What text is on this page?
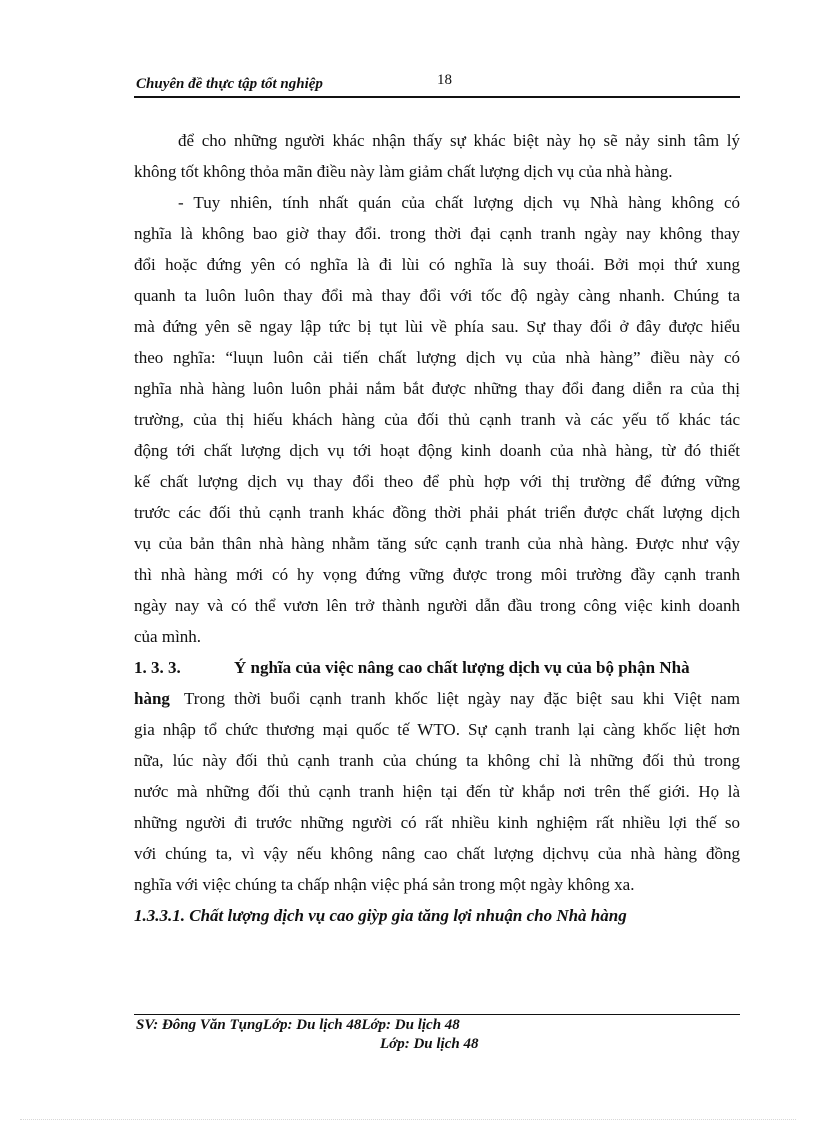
Chuyên đề thực tập tốt nghiệp	18
để cho những người khác nhận thấy sự khác biệt này họ sẽ nảy sinh tâm lý
không tốt không thỏa mãn điều này làm giảm chất lượng dịch vụ của nhà hàng.
- Tuy nhiên, tính nhất quán của chất lượng dịch vụ Nhà hàng không có
nghĩa là không bao giờ thay đổi. trong thời đại cạnh tranh ngày nay không thay
đổi hoặc đứng yên có nghĩa là đi lùi có nghĩa là suy thoái. Bởi mọi thứ xung
quanh ta luôn luôn thay đổi mà thay đổi với tốc độ ngày càng nhanh. Chúng ta
mà đứng yên sẽ ngay lập tức bị tụt lùi về phía sau. Sự thay đổi ở đây được hiểu
theo nghĩa: “luụn luôn cải tiến chất lượng dịch vụ của nhà hàng” điều này có
nghĩa nhà hàng luôn luôn phải nắm bắt được những thay đổi đang diễn ra của thị
trường, của thị hiếu khách hàng của đối thủ cạnh tranh và các yếu tố khác tác
động tới chất lượng dịch vụ tới hoạt động kinh doanh của nhà hàng, từ đó thiết
kế chất lượng dịch vụ thay đổi theo để phù hợp với thị trường để đứng vững
trước các đối thủ cạnh tranh khác đồng thời phải phát triển được chất lượng dịch
vụ của bản thân nhà hàng nhằm tăng sức cạnh tranh của nhà hàng. Được như vậy
thì nhà hàng mới có hy vọng đứng vững được trong môi trường đầy cạnh tranh
ngày nay và có thể vươn lên trở thành người dẫn đầu trong công việc kinh doanh
của mình.
1. 3. 3.	Ý nghĩa của việc nâng cao chất lượng dịch vụ của bộ phận Nhà
hàng Trong thời buổi cạnh tranh khốc liệt ngày nay đặc biệt sau khi Việt nam
gia nhập tổ chức thương mại quốc tế WTO. Sự cạnh tranh lại càng khốc liệt hơn
nữa, lúc này đối thủ cạnh tranh của chúng ta không chỉ là những đối thủ trong
nước mà những đối thủ cạnh tranh hiện tại đến từ khắp nơi trên thế giới. Họ là
những người đi trước những người có rất nhiều kinh nghiệm rất nhiều lợi thế so
với chúng ta, vì vậy nếu không nâng cao chất lượng dịchvụ của nhà hàng đồng
nghĩa với việc chúng ta chấp nhận việc phá sản trong một ngày không xa.
1.3.3.1. Chất lượng dịch vụ cao giỳp gia tăng lợi nhuận cho Nhà hàng
SV: Đông Văn TụngLớp: Du lịch 48Lớp: Du lịch 48
Lớp: Du lịch 48
